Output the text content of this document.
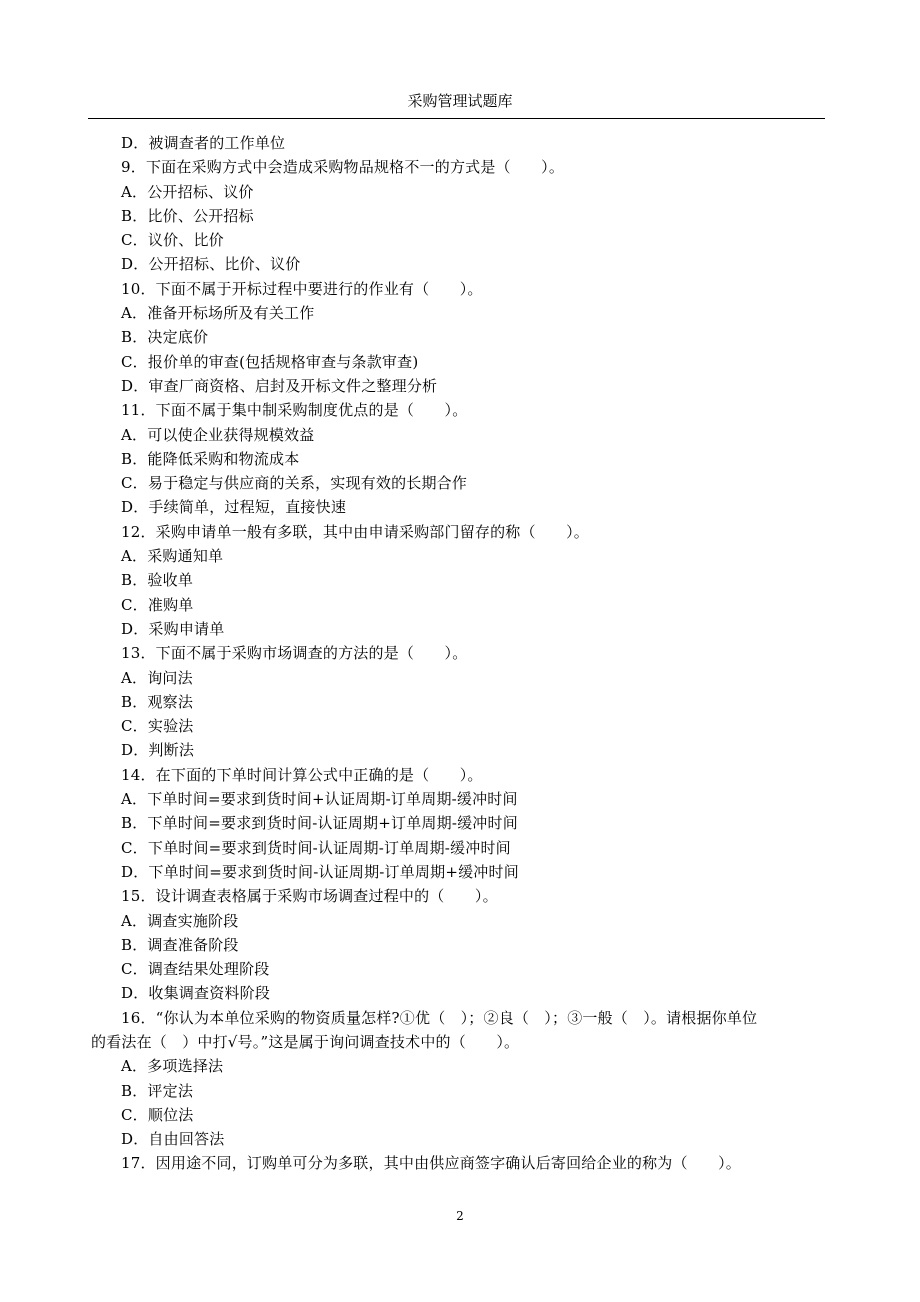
采购管理试题库
D．被调查者的工作单位
9．下面在采购方式中会造成采购物品规格不一的方式是（　　）。
A．公开招标、议价
B．比价、公开招标
C．议价、比价
D．公开招标、比价、议价
10．下面不属于开标过程中要进行的作业有（　　）。
A．准备开标场所及有关工作
B．决定底价
C．报价单的审查(包括规格审查与条款审查)
D．审查厂商资格、启封及开标文件之整理分析
11．下面不属于集中制采购制度优点的是（　　）。
A．可以使企业获得规模效益
B．能降低采购和物流成本
C．易于稳定与供应商的关系，实现有效的长期合作
D．手续简单，过程短，直接快速
12．采购申请单一般有多联，其中由申请采购部门留存的称（　　）。
A．采购通知单
B．验收单
C．准购单
D．采购申请单
13．下面不属于采购市场调查的方法的是（　　）。
A．询问法
B．观察法
C．实验法
D．判断法
14．在下面的下单时间计算公式中正确的是（　　）。
A．下单时间=要求到货时间+认证周期-订单周期-缓冲时间
B．下单时间=要求到货时间-认证周期+订单周期-缓冲时间
C．下单时间=要求到货时间-认证周期-订单周期-缓冲时间
D．下单时间=要求到货时间-认证周期-订单周期+缓冲时间
15．设计调查表格属于采购市场调查过程中的（　　）。
A．调查实施阶段
B．调查准备阶段
C．调查结果处理阶段
D．收集调查资料阶段
16．“你认为本单位采购的物资质量怎样?①优（　）；②良（　）；③一般（　）。请根据你单位
的看法在（　）中打√号。”这是属于询问调查技术中的（　　）。
A．多项选择法
B．评定法
C．顺位法
D．自由回答法
17．因用途不同，订购单可分为多联，其中由供应商签字确认后寄回给企业的称为（　　）。
2
